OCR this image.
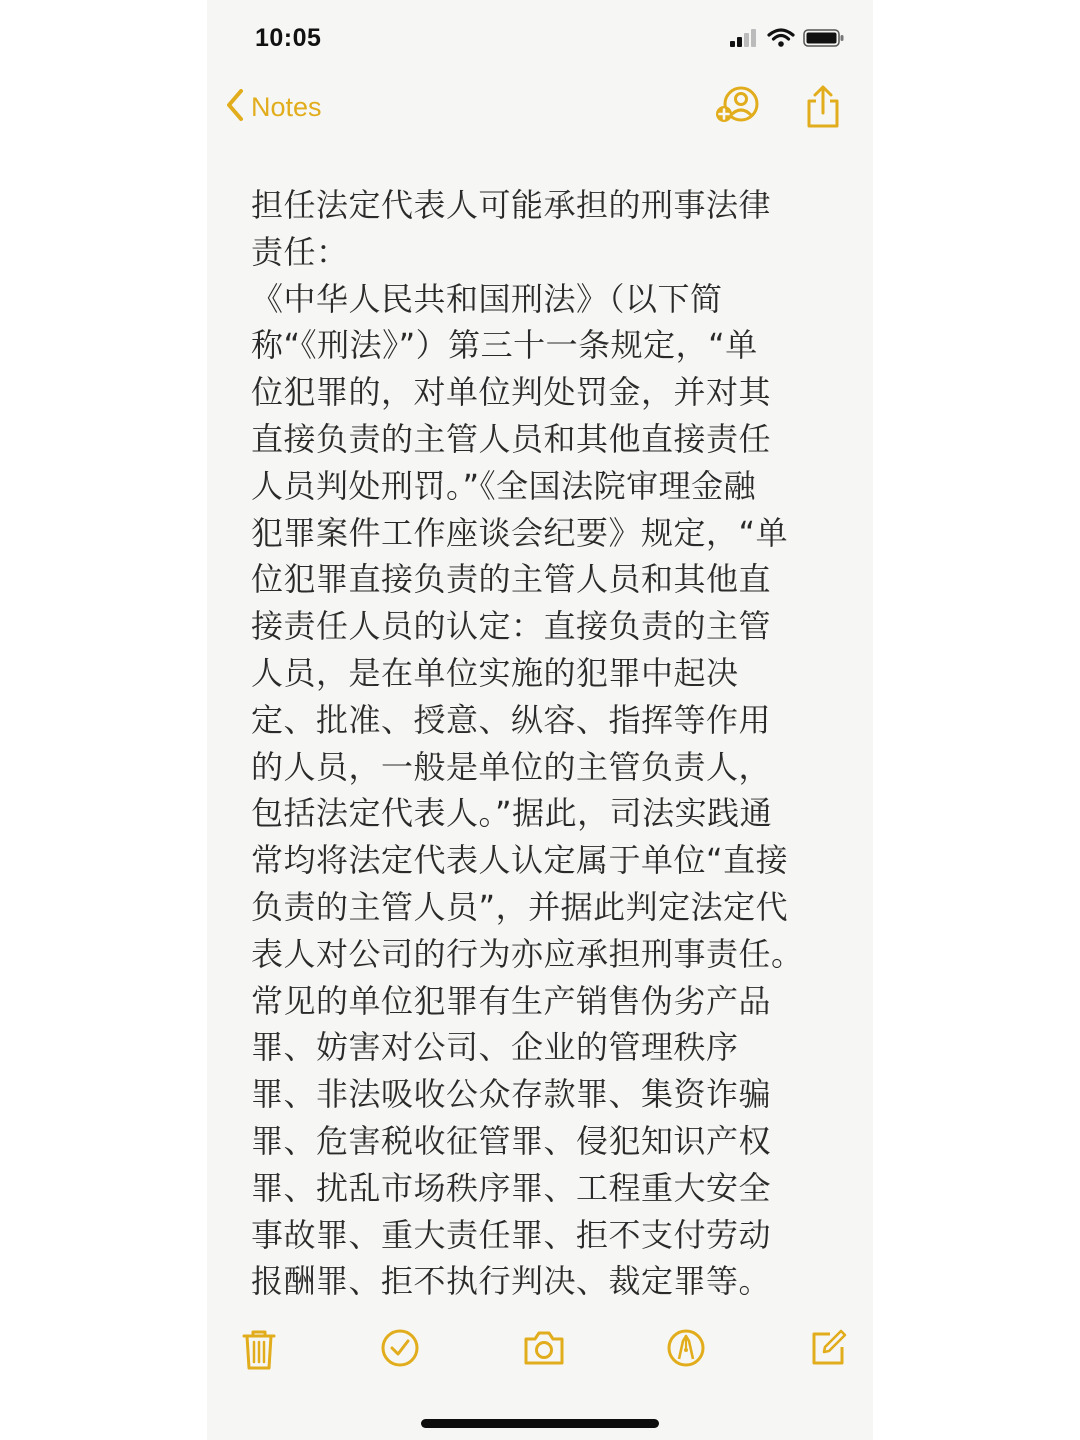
10:05
Notes
担任法定代表人可能承担的刑事法律
责任：
《中华人民共和国刑法》（以下简
称“《刑法》”）第三十一条规定，“单
位犯罪的，对单位判处罚金，并对其
直接负责的主管人员和其他直接责任
人员判处刑罚。”《全国法院审理金融
犯罪案件工作座谈会纪要》规定，“单
位犯罪直接负责的主管人员和其他直
接责任人员的认定：直接负责的主管
人员，是在单位实施的犯罪中起决
定、批准、授意、纵容、指挥等作用
的人员，一般是单位的主管负责人，
包括法定代表人。”据此，司法实践通
常均将法定代表人认定属于单位“直接
负责的主管人员”，并据此判定法定代
表人对公司的行为亦应承担刑事责任。
常见的单位犯罪有生产销售伪劣产品
罪、妨害对公司、企业的管理秩序
罪、非法吸收公众存款罪、集资诈骗
罪、危害税收征管罪、侵犯知识产权
罪、扰乱市场秩序罪、工程重大安全
事故罪、重大责任罪、拒不支付劳动
报酬罪、拒不执行判决、裁定罪等。
